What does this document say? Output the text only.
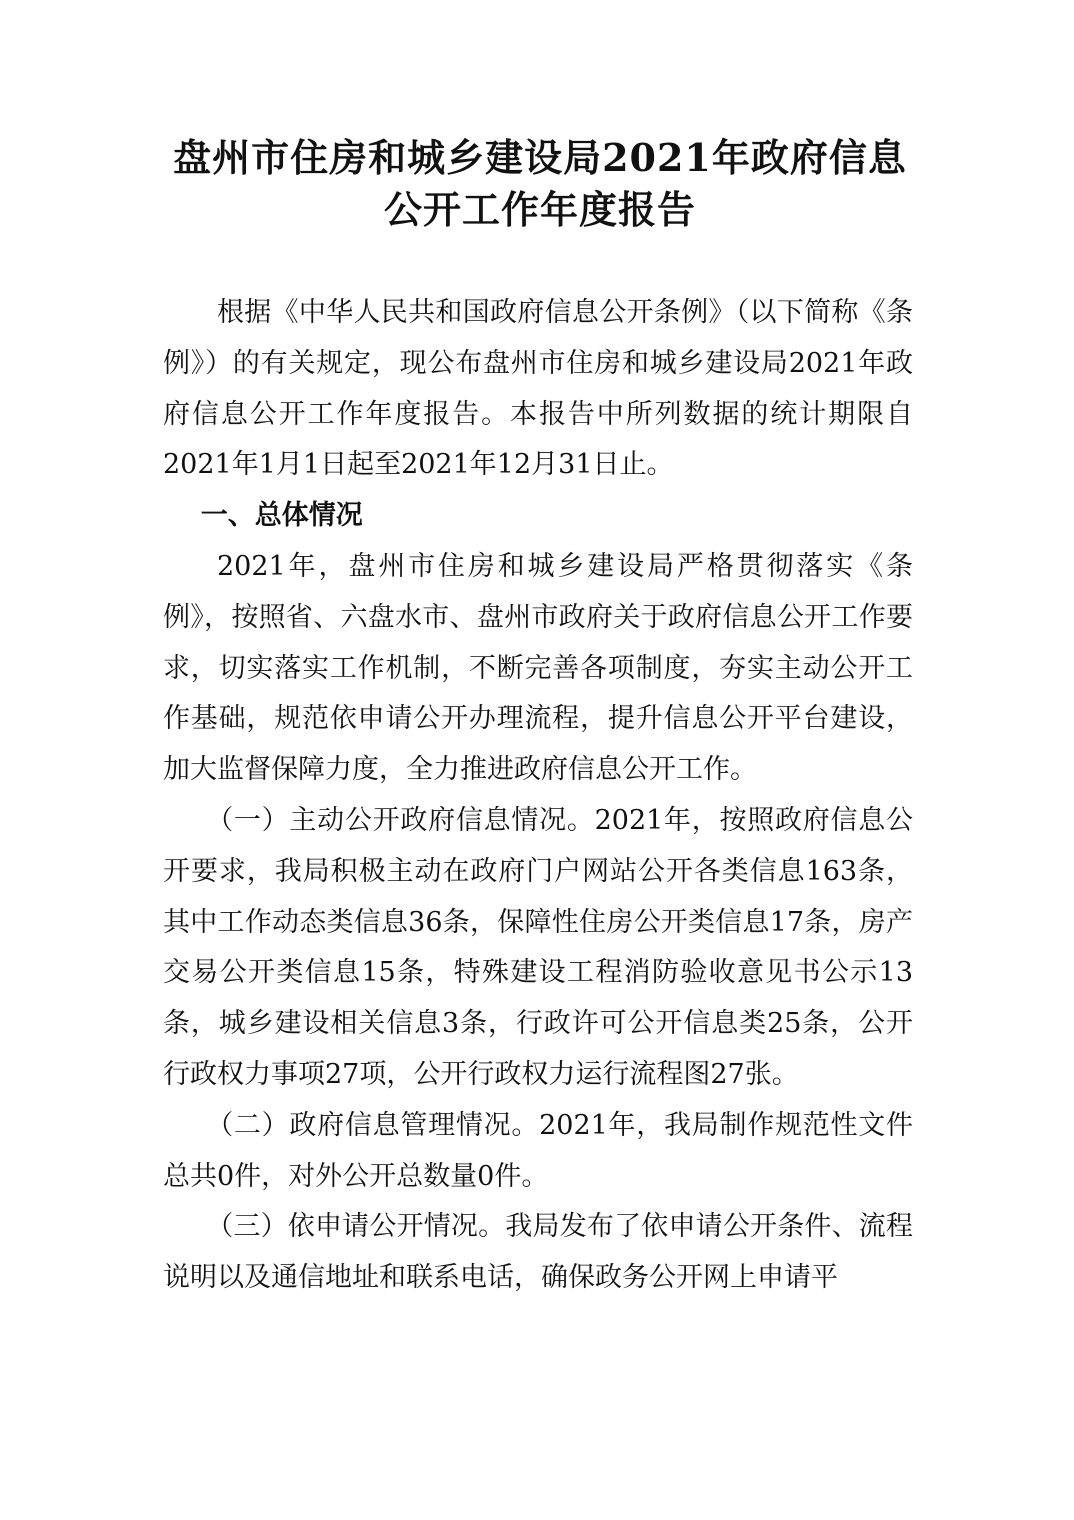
盘州市住房和城乡建设局2021年政府信息
公开工作年度报告

根据《中华人民共和国政府信息公开条例》（以下简称《条例》）的有关规定，现公布盘州市住房和城乡建设局2021年政府信息公开工作年度报告。本报告中所列数据的统计期限自2021年1月1日起至2021年12月31日止。

一、总体情况

2021年，盘州市住房和城乡建设局严格贯彻落实《条例》，按照省、六盘水市、盘州市政府关于政府信息公开工作要求，切实落实工作机制，不断完善各项制度，夯实主动公开工作基础，规范依申请公开办理流程，提升信息公开平台建设，加大监督保障力度，全力推进政府信息公开工作。

（一）主动公开政府信息情况。2021年，按照政府信息公开要求，我局积极主动在政府门户网站公开各类信息163条，其中工作动态类信息36条，保障性住房公开类信息17条，房产交易公开类信息15条，特殊建设工程消防验收意见书公示13条，城乡建设相关信息3条，行政许可公开信息类25条，公开行政权力事项27项，公开行政权力运行流程图27张。

（二）政府信息管理情况。2021年，我局制作规范性文件总共0件，对外公开总数量0件。

（三）依申请公开情况。我局发布了依申请公开条件、流程说明以及通信地址和联系电话，确保政务公开网上申请平
